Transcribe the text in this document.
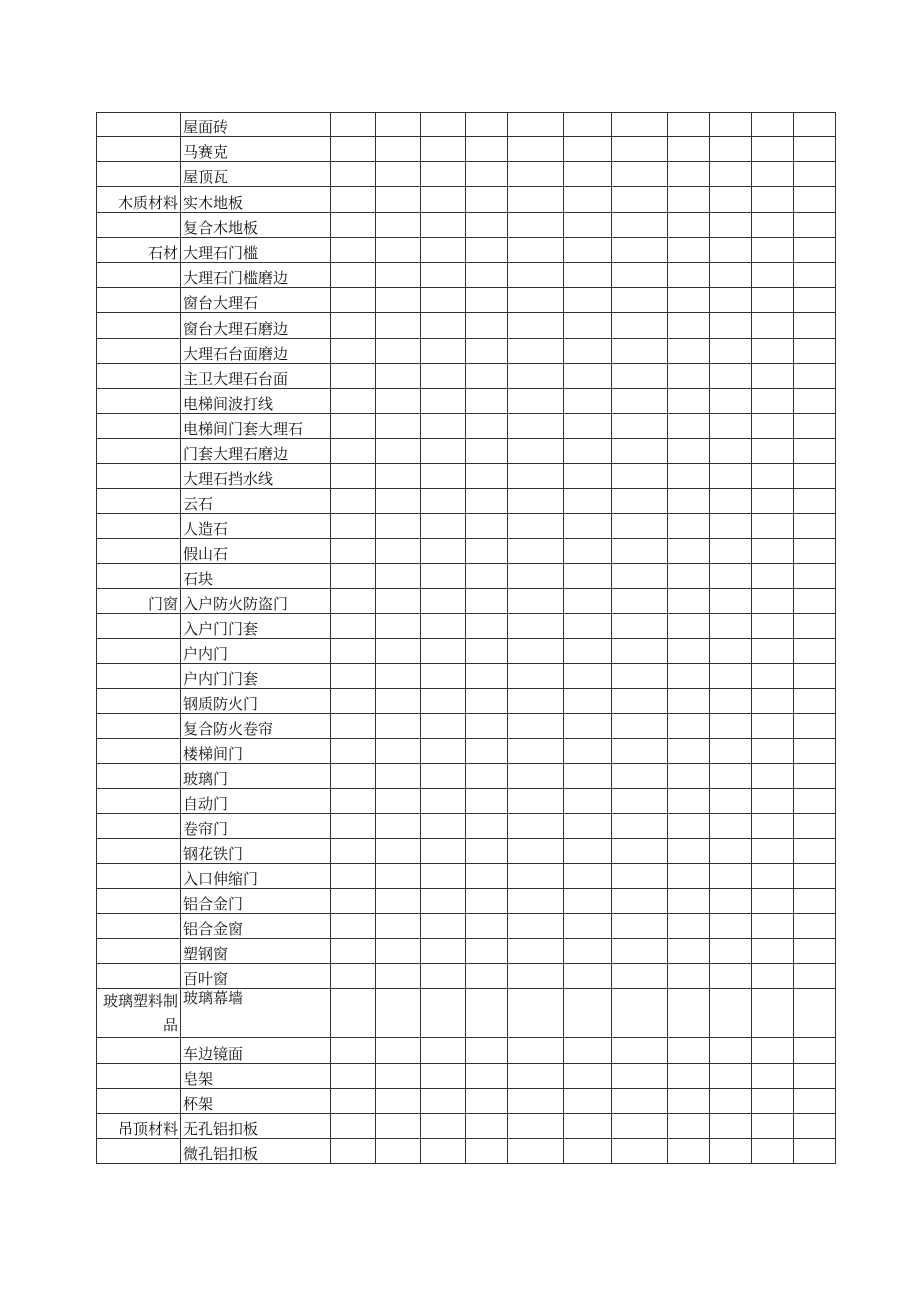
	屋面砖											
	马赛克											
	屋顶瓦											
木质材料	实木地板											
	复合木地板											
石材	大理石门槛											
	大理石门槛磨边											
	窗台大理石											
	窗台大理石磨边											
	大理石台面磨边											
	主卫大理石台面											
	电梯间波打线											
	电梯间门套大理石											
	门套大理石磨边											
	大理石挡水线											
	云石											
	人造石											
	假山石											
	石块											
门窗	入户防火防盗门											
	入户门门套											
	户内门											
	户内门门套											
	钢质防火门											
	复合防火卷帘											
	楼梯间门											
	玻璃门											
	自动门											
	卷帘门											
	钢花铁门											
	入口伸缩门											
	铝合金门											
	铝合金窗											
	塑钢窗											
	百叶窗											
玻璃塑料制品	玻璃幕墙											
	车边镜面											
	皂架											
	杯架											
吊顶材料	无孔铝扣板											
	微孔铝扣板											
